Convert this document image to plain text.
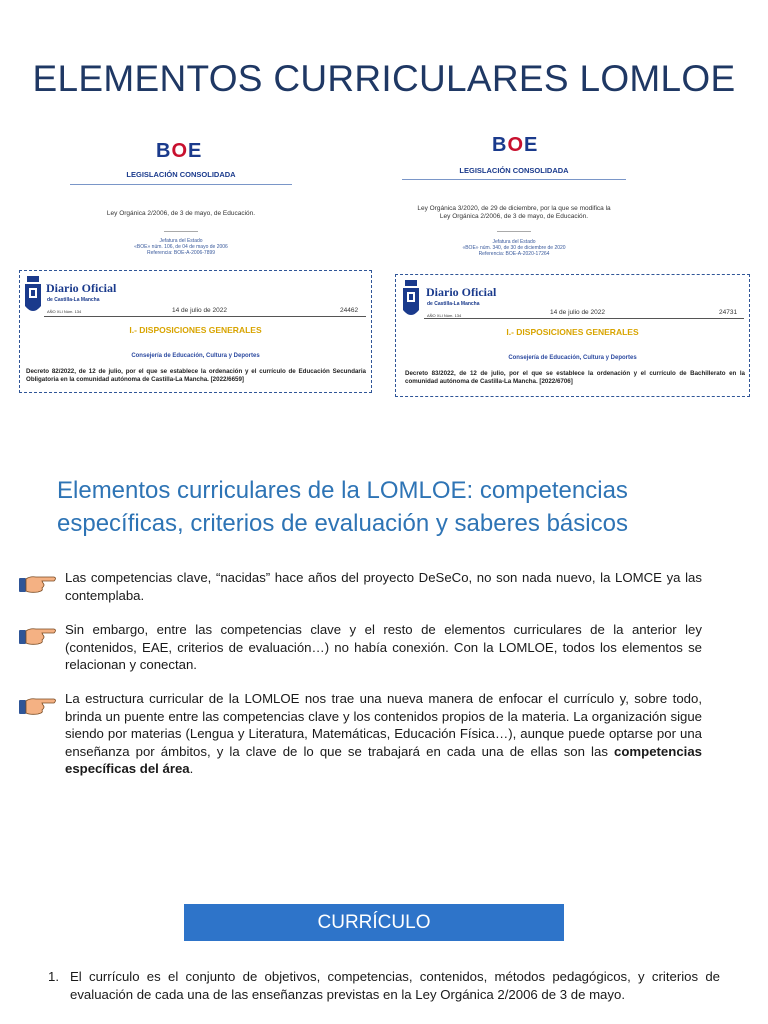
ELEMENTOS CURRICULARES LOMLOE
BOE
LEGISLACIÓN CONSOLIDADA
Ley Orgánica 2/2006, de 3 de mayo, de Educación.
Jefatura del Estado
«BOE» núm. 106, de 04 de mayo de 2006
Referencia: BOE-A-2006-7899
BOE
LEGISLACIÓN CONSOLIDADA
Ley Orgánica 3/2020, de 29 de diciembre, por la que se modifica la
Ley Orgánica 2/2006, de 3 de mayo, de Educación.
Jefatura del Estado
«BOE» núm. 340, de 30 de diciembre de 2020
Referencia: BOE-A-2020-17264
Diario Oficial
de Castilla-La Mancha
AÑO XLI Núm. 134	14 de julio de 2022	24462
I.- DISPOSICIONES GENERALES
Consejería de Educación, Cultura y Deportes
Decreto 82/2022, de 12 de julio, por el que se establece la ordenación y el currículo de Educación Secundaria Obligatoria en la comunidad autónoma de Castilla-La Mancha. [2022/6659]
Diario Oficial
de Castilla-La Mancha
AÑO XLI Núm. 134	14 de julio de 2022	24731
I.- DISPOSICIONES GENERALES
Consejería de Educación, Cultura y Deportes
Decreto 83/2022, de 12 de julio, por el que se establece la ordenación y el currículo de Bachillerato en la comunidad autónoma de Castilla-La Mancha. [2022/6706]
Elementos curriculares de la LOMLOE: competencias específicas, criterios de evaluación y saberes básicos
Las competencias clave, “nacidas” hace años del proyecto DeSeCo, no son nada nuevo, la LOMCE ya las contemplaba.
Sin embargo, entre las competencias clave y el resto de elementos curriculares de la anterior ley (contenidos, EAE, criterios de evaluación…) no había conexión. Con la LOMLOE, todos los elementos se relacionan y conectan.
La estructura curricular de la LOMLOE nos trae una nueva manera de enfocar el currículo y, sobre todo, brinda un puente entre las competencias clave y los contenidos propios de la materia. La organización sigue siendo por materias (Lengua y Literatura, Matemáticas, Educación Física…), aunque puede optarse por una enseñanza por ámbitos, y la clave de lo que se trabajará en cada una de ellas son las competencias específicas del área.
CURRÍCULO
1. El currículo es el conjunto de objetivos, competencias, contenidos, métodos pedagógicos, y criterios de evaluación de cada una de las enseñanzas previstas en la Ley Orgánica 2/2006 de 3 de mayo.
